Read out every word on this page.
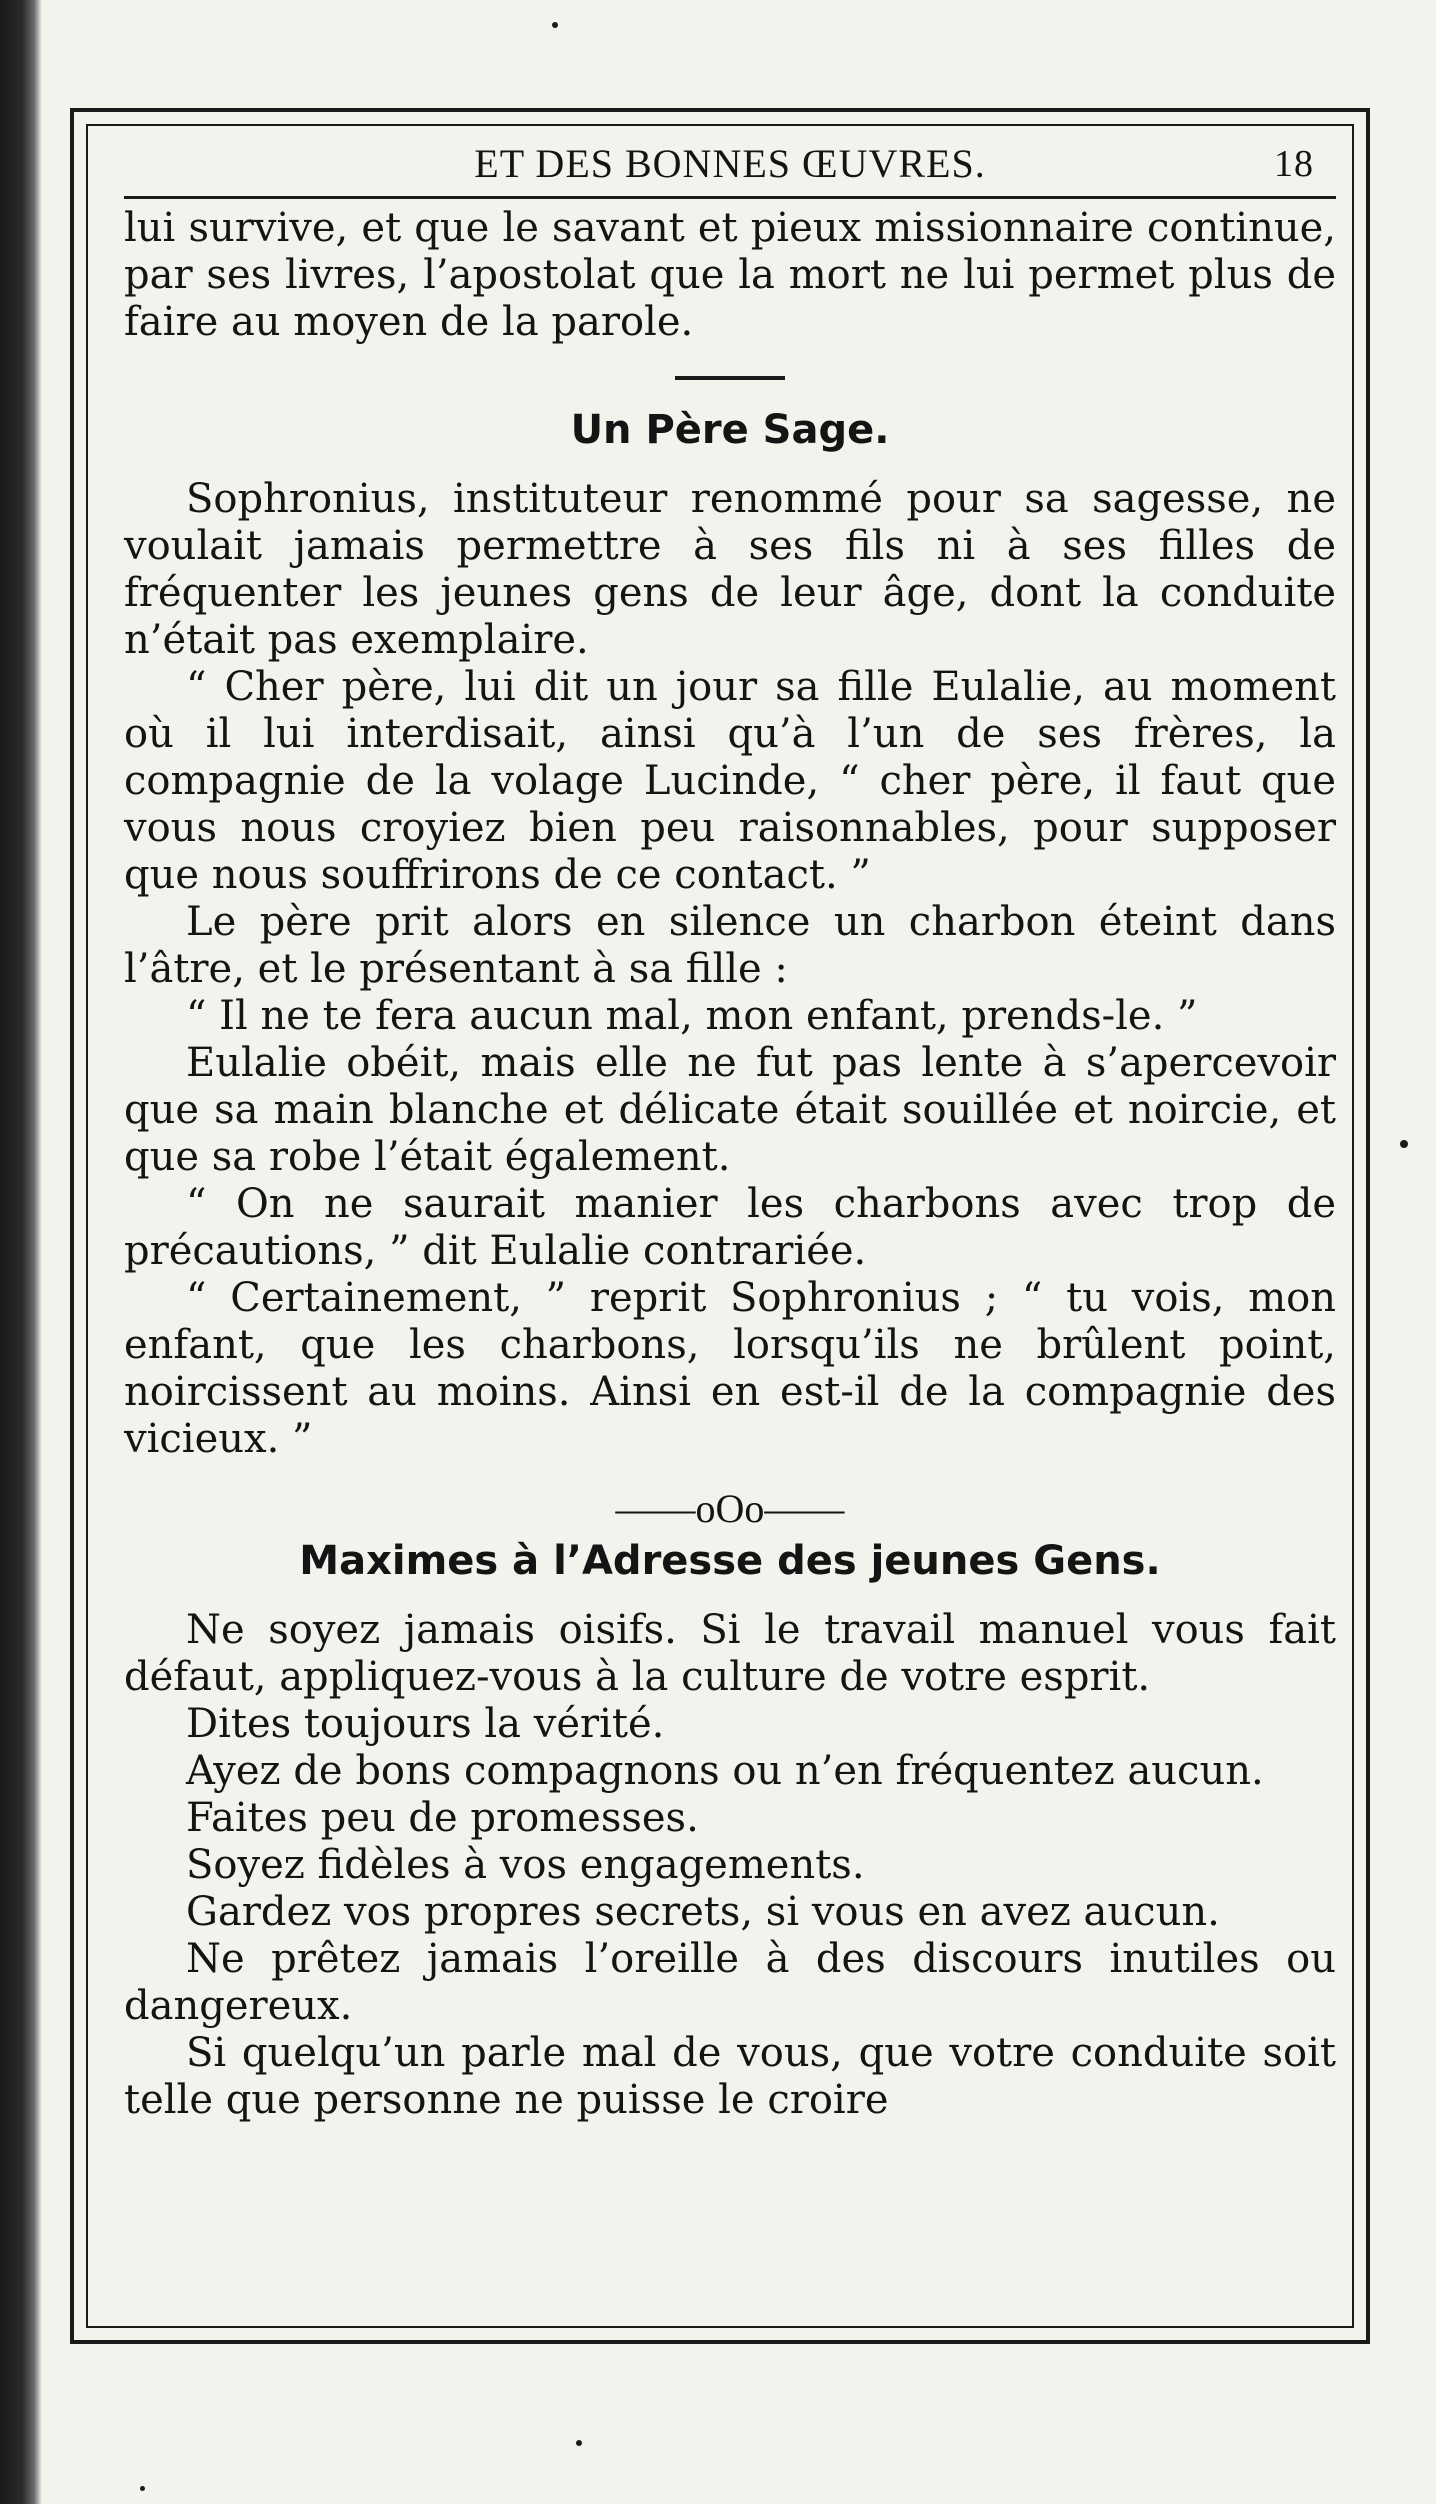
ET DES BONNES ŒUVRES.	18

lui survive, et que le savant et pieux missionnaire continue, par ses livres, l’apostolat que la mort ne lui permet plus de faire au moyen de la parole.

Un Père Sage.

Sophronius, instituteur renommé pour sa sagesse, ne voulait jamais permettre à ses fils ni à ses filles de fréquenter les jeunes gens de leur âge, dont la conduite n’était pas exemplaire.

“ Cher père, lui dit un jour sa fille Eulalie, au moment où il lui interdisait, ainsi qu’à l’un de ses frères, la compagnie de la volage Lucinde, “ cher père, il faut que vous nous croyiez bien peu raisonnables, pour supposer que nous souffrirons de ce contact. ”

Le père prit alors en silence un charbon éteint dans l’âtre, et le présentant à sa fille :

“ Il ne te fera aucun mal, mon enfant, prends-le. ”

Eulalie obéit, mais elle ne fut pas lente à s’apercevoir que sa main blanche et délicate était souillée et noircie, et que sa robe l’était également.

“ On ne saurait manier les charbons avec trop de précautions, ” dit Eulalie contrariée.

“ Certainement, ” reprit Sophronius ; “ tu vois, mon enfant, que les charbons, lorsqu’ils ne brûlent point, noircissent au moins. Ainsi en est-il de la compagnie des vicieux. ”

——oOo——
Maximes à l’Adresse des jeunes Gens.

Ne soyez jamais oisifs. Si le travail manuel vous fait défaut, appliquez-vous à la culture de votre esprit.

Dites toujours la vérité.

Ayez de bons compagnons ou n’en fréquentez aucun.

Faites peu de promesses.

Soyez fidèles à vos engagements.

Gardez vos propres secrets, si vous en avez aucun.

Ne prêtez jamais l’oreille à des discours inutiles ou dangereux.

Si quelqu’un parle mal de vous, que votre conduite soit telle que personne ne puisse le croire
